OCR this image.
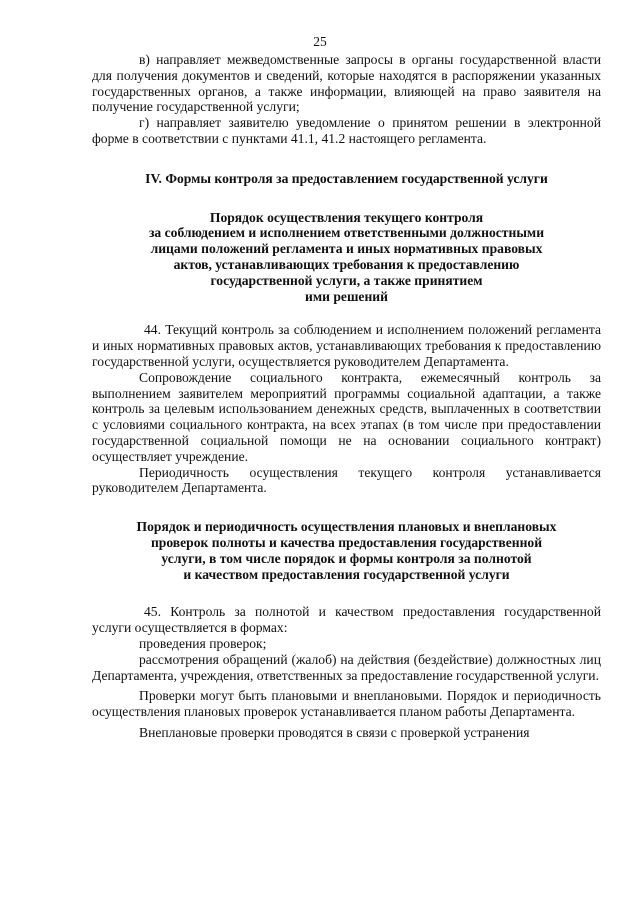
25

в) направляет межведомственные запросы в органы государственной власти для получения документов и сведений, которые находятся в распоряжении указанных государственных органов, а также информации, влияющей на право заявителя на получение государственной услуги;

г) направляет заявителю уведомление о принятом решении в электронной форме в соответствии с пунктами 41.1, 41.2 настоящего регламента.

IV. Формы контроля за предоставлением государственной услуги

Порядок осуществления текущего контроля
за соблюдением и исполнением ответственными должностными
лицами положений регламента и иных нормативных правовых
актов, устанавливающих требования к предоставлению
государственной услуги, а также принятием
ими решений

44. Текущий контроль за соблюдением и исполнением положений регламента и иных нормативных правовых актов, устанавливающих требования к предоставлению государственной услуги, осуществляется руководителем Департамента.

Сопровождение социального контракта, ежемесячный контроль за выполнением заявителем мероприятий программы социальной адаптации, а также контроль за целевым использованием денежных средств, выплаченных в соответствии с условиями социального контракта, на всех этапах (в том числе при предоставлении государственной социальной помощи не на основании социального контракт) осуществляет учреждение.

Периодичность осуществления текущего контроля устанавливается руководителем Департамента.

Порядок и периодичность осуществления плановых и внеплановых
проверок полноты и качества предоставления государственной
услуги, в том числе порядок и формы контроля за полнотой
и качеством предоставления государственной услуги

45. Контроль за полнотой и качеством предоставления государственной услуги осуществляется в формах:

проведения проверок;

рассмотрения обращений (жалоб) на действия (бездействие) должностных лиц Департамента, учреждения, ответственных за предоставление государственной услуги.

Проверки могут быть плановыми и внеплановыми. Порядок и периодичность осуществления плановых проверок устанавливается планом работы Департамента.

Внеплановые проверки проводятся в связи с проверкой устранения
